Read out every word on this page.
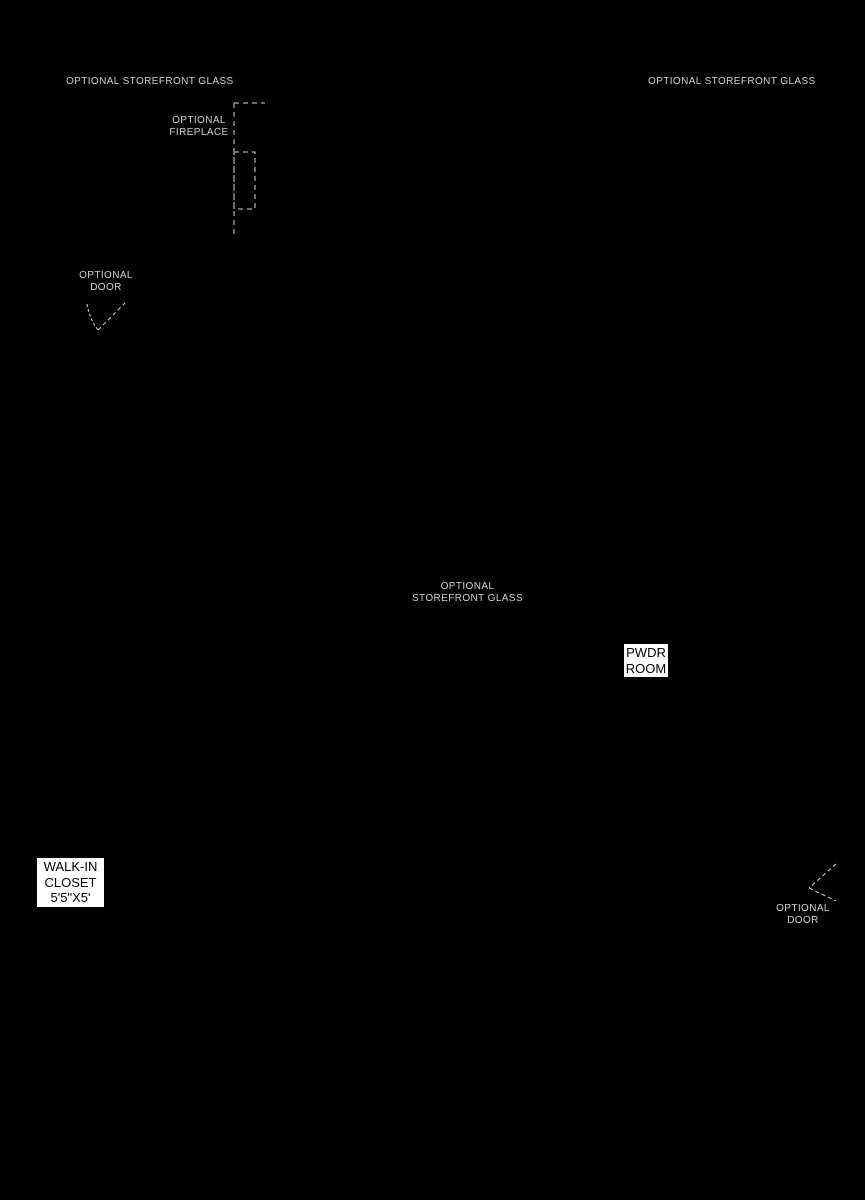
OPTIONAL STOREFRONT GLASS	OPTIONAL STOREFRONT GLASS
OPTIONAL
FIREPLACE
OPTIONAL
DOOR
OPTIONAL
STOREFRONT GLASS
OPTIONAL
DOOR
PWDR
ROOM
WALK-IN
CLOSET
5'5"X5'
